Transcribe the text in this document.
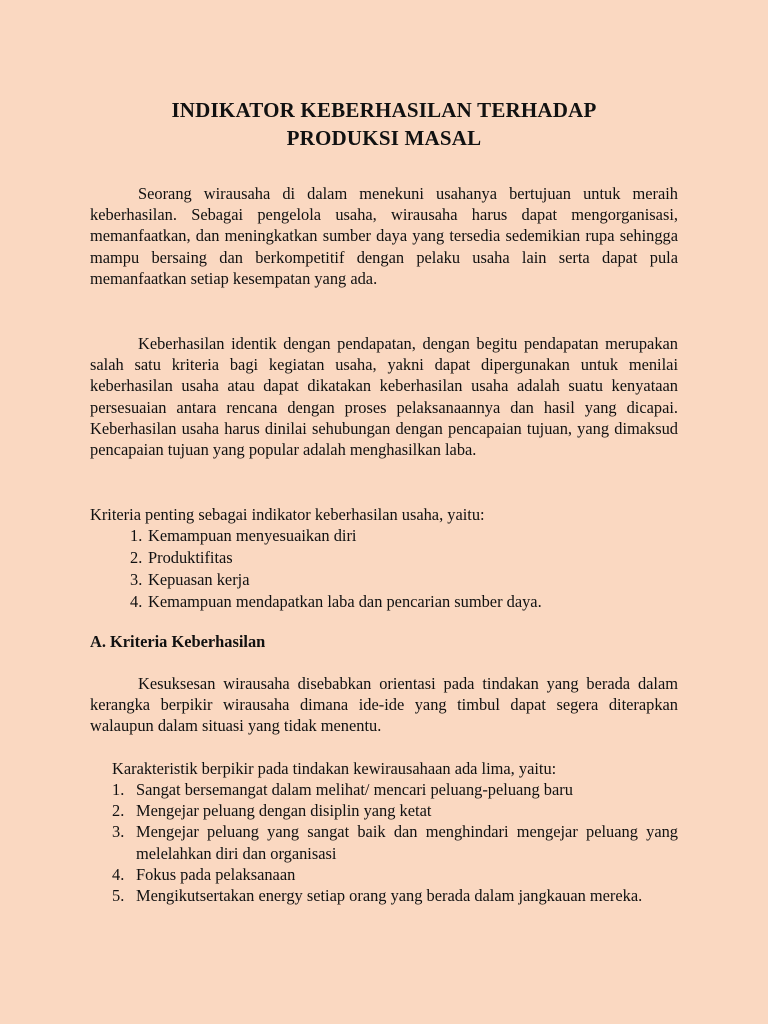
INDIKATOR KEBERHASILAN TERHADAP
PRODUKSI MASAL

Seorang wirausaha di dalam menekuni usahanya bertujuan untuk meraih keberhasilan. Sebagai pengelola usaha, wirausaha harus dapat mengorganisasi, memanfaatkan, dan meningkatkan sumber daya yang tersedia sedemikian rupa sehingga mampu bersaing dan berkompetitif dengan pelaku usaha lain serta dapat pula memanfaatkan setiap kesempatan yang ada.

Keberhasilan identik dengan pendapatan, dengan begitu pendapatan merupakan salah satu kriteria bagi kegiatan usaha, yakni dapat dipergunakan untuk menilai keberhasilan usaha atau dapat dikatakan keberhasilan usaha adalah suatu kenyataan persesuaian antara rencana dengan proses pelaksanaannya dan hasil yang dicapai. Keberhasilan usaha harus dinilai sehubungan dengan pencapaian tujuan, yang dimaksud pencapaian tujuan yang popular adalah menghasilkan laba.

Kriteria penting sebagai indikator keberhasilan usaha, yaitu:

1. Kemampuan menyesuaikan diri
2. Produktifitas
3. Kepuasan kerja
4. Kemampuan mendapatkan laba dan pencarian sumber daya.
A. Kriteria Keberhasilan

Kesuksesan wirausaha disebabkan orientasi pada tindakan yang berada dalam kerangka berpikir wirausaha dimana ide-ide yang timbul dapat segera diterapkan walaupun dalam situasi yang tidak menentu.

Karakteristik berpikir pada tindakan kewirausahaan ada lima, yaitu:

1. Sangat bersemangat dalam melihat/ mencari peluang-peluang baru
2. Mengejar peluang dengan disiplin yang ketat
3. Mengejar peluang yang sangat baik dan menghindari mengejar peluang yang melelahkan diri dan organisasi
4. Fokus pada pelaksanaan
5. Mengikutsertakan energy setiap orang yang berada dalam jangkauan mereka.
